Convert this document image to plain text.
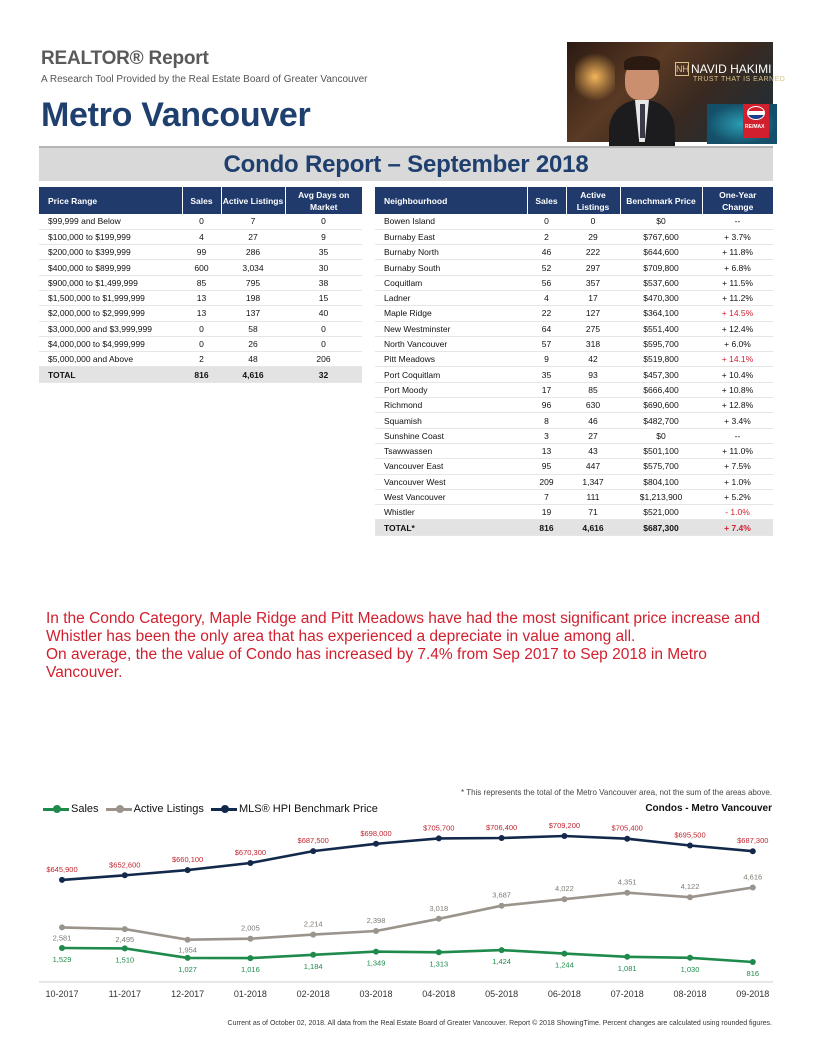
REALTOR® Report
A Research Tool Provided by the Real Estate Board of Greater Vancouver
Metro Vancouver
NH NAVID HAKIMI
TRUST THAT IS EARNED
RE/MAX
Condo Report – September 2018
Price Range	Sales	Active Listings	Avg Days on Market
$99,999 and Below	0	7	0
$100,000 to $199,999	4	27	9
$200,000 to $399,999	99	286	35
$400,000 to $899,999	600	3,034	30
$900,000 to $1,499,999	85	795	38
$1,500,000 to $1,999,999	13	198	15
$2,000,000 to $2,999,999	13	137	40
$3,000,000 and $3,999,999	0	58	0
$4,000,000 to $4,999,999	0	26	0
$5,000,000 and Above	2	48	206
TOTAL	816	4,616	32
Neighbourhood	Sales	Active Listings	Benchmark Price	One-Year Change
Bowen Island	0	0	$0	--
Burnaby East	2	29	$767,600	+ 3.7%
Burnaby North	46	222	$644,600	+ 11.8%
Burnaby South	52	297	$709,800	+ 6.8%
Coquitlam	56	357	$537,600	+ 11.5%
Ladner	4	17	$470,300	+ 11.2%
Maple Ridge	22	127	$364,100	+ 14.5%
New Westminster	64	275	$551,400	+ 12.4%
North Vancouver	57	318	$595,700	+ 6.0%
Pitt Meadows	9	42	$519,800	+ 14.1%
Port Coquitlam	35	93	$457,300	+ 10.4%
Port Moody	17	85	$666,400	+ 10.8%
Richmond	96	630	$690,600	+ 12.8%
Squamish	8	46	$482,700	+ 3.4%
Sunshine Coast	3	27	$0	--
Tsawwassen	13	43	$501,100	+ 11.0%
Vancouver East	95	447	$575,700	+ 7.5%
Vancouver West	209	1,347	$804,100	+ 1.0%
West Vancouver	7	111	$1,213,900	+ 5.2%
Whistler	19	71	$521,000	- 1.0%
TOTAL*	816	4,616	$687,300	+ 7.4%
In the Condo Category, Maple Ridge and Pitt Meadows have had the most significant price increase and Whistler has been the only area that has experienced a depreciate in value among all.
On average, the the value of Condo has increased by 7.4% from Sep 2017 to Sep 2018 in Metro Vancouver.
* This represents the total of the Metro Vancouver area, not the sum of the areas above.
Sales	Active Listings	MLS® HPI Benchmark Price	Condos - Metro Vancouver
1,529	1,510
1,027	1,016	1,184	1,349	1,313	1,424	1,244	1,081	1,030	816
2,581	2,495
1,954
2,005	2,214	2,398
3,018
3,687
4,022
4,351	4,122
4,616
$645,900
$652,600
$660,100
$670,300
$687,500
$698,000
$705,700	$706,400	$709,200	$705,400
$695,500
$687,300
10-2017	11-2017	12-2017	01-2018	02-2018	03-2018	04-2018	05-2018	06-2018	07-2018	08-2018	09-2018
Current as of October 02, 2018. All data from the Real Estate Board of Greater Vancouver. Report © 2018 ShowingTime. Percent changes are calculated using rounded figures.
